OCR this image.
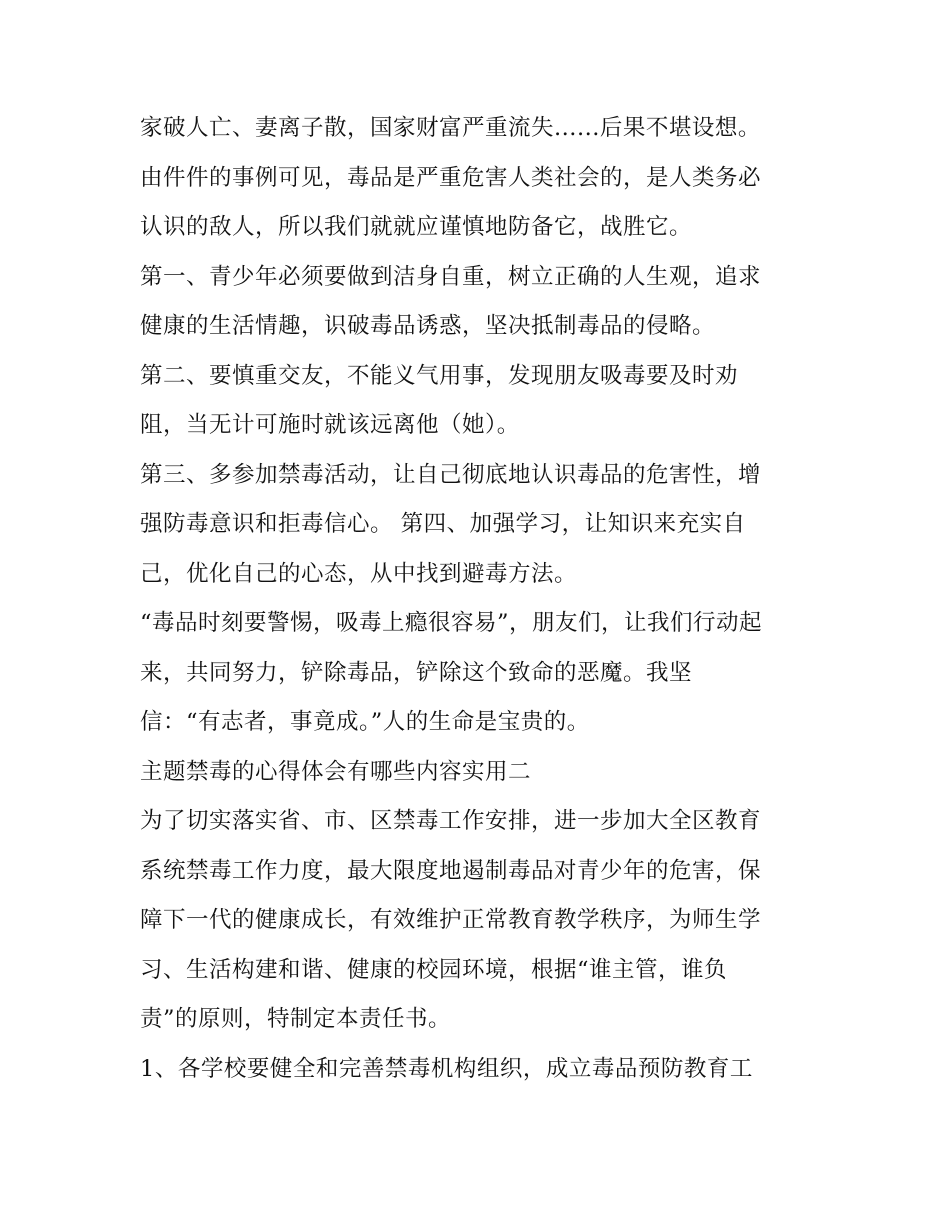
家破人亡、妻离子散，国家财富严重流失......后果不堪设想。
由件件的事例可见，毒品是严重危害人类社会的，是人类务必
认识的敌人，所以我们就就应谨慎地防备它，战胜它。
第一、青少年必须要做到洁身自重，树立正确的人生观，追求
健康的生活情趣，识破毒品诱惑，坚决抵制毒品的侵略。
第二、要慎重交友，不能义气用事，发现朋友吸毒要及时劝
阻，当无计可施时就该远离他（她）。
第三、多参加禁毒活动，让自己彻底地认识毒品的危害性，增
强防毒意识和拒毒信心。 第四、加强学习，让知识来充实自
己，优化自己的心态，从中找到避毒方法。
“毒品时刻要警惕，吸毒上瘾很容易”，朋友们，让我们行动起
来，共同努力，铲除毒品，铲除这个致命的恶魔。我坚
信：“有志者，事竟成。”人的生命是宝贵的。
主题禁毒的心得体会有哪些内容实用二
为了切实落实省、市、区禁毒工作安排，进一步加大全区教育
系统禁毒工作力度，最大限度地遏制毒品对青少年的危害，保
障下一代的健康成长，有效维护正常教育教学秩序，为师生学
习、生活构建和谐、健康的校园环境，根据“谁主管，谁负
责”的原则，特制定本责任书。
1、各学校要健全和完善禁毒机构组织，成立毒品预防教育工
